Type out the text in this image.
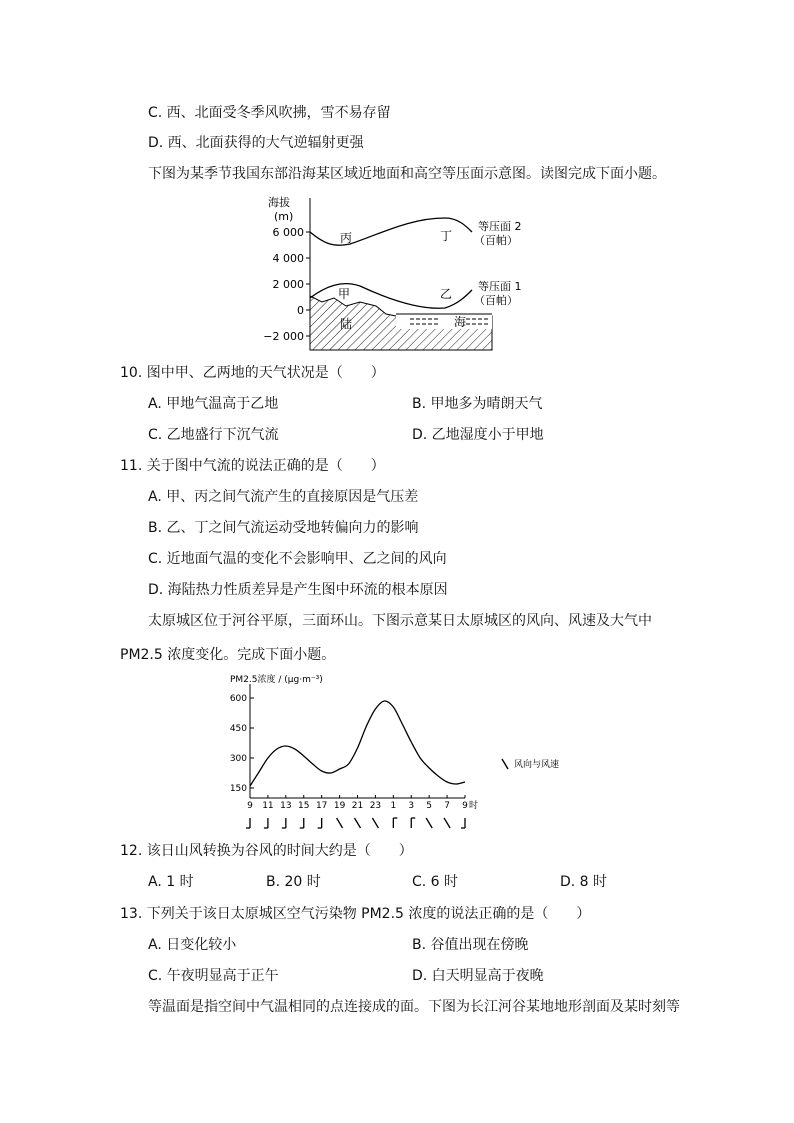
C. 西、北面受冬季风吹拂，雪不易存留
D. 西、北面获得的大气逆辐射更强
下图为某季节我国东部沿海某区域近地面和高空等压面示意图。读图完成下面小题。
海拔
(m)
6 000
4 000
2 000
0
−2 000
丙	丁
甲	乙
陆	海
等压面 2
（百帕）
等压面 1
（百帕）
10. 图中甲、乙两地的天气状况是（　　）
A. 甲地气温高于乙地	B. 甲地多为晴朗天气
C. 乙地盛行下沉气流	D. 乙地湿度小于甲地
11. 关于图中气流的说法正确的是（　　）
A. 甲、丙之间气流产生的直接原因是气压差
B. 乙、丁之间气流运动受地转偏向力的影响
C. 近地面气温的变化不会影响甲、乙之间的风向
D. 海陆热力性质差异是产生图中环流的根本原因
太原城区位于河谷平原，三面环山。下图示意某日太原城区的风向、风速及大气中
PM2.5 浓度变化。完成下面小题。
PM2.5浓度 / (μg·m⁻³)
150
300
450
600
9 11 13 15 17 19 21 23 1 3 5 7 9 时
风向与风速
12. 该日山风转换为谷风的时间大约是（　　）
A. 1 时	B. 20 时	C. 6 时	D. 8 时
13. 下列关于该日太原城区空气污染物 PM2.5 浓度的说法正确的是（　　）
A. 日变化较小	B. 谷值出现在傍晚
C. 午夜明显高于正午	D. 白天明显高于夜晚
等温面是指空间中气温相同的点连接成的面。下图为长江河谷某地地形剖面及某时刻等
